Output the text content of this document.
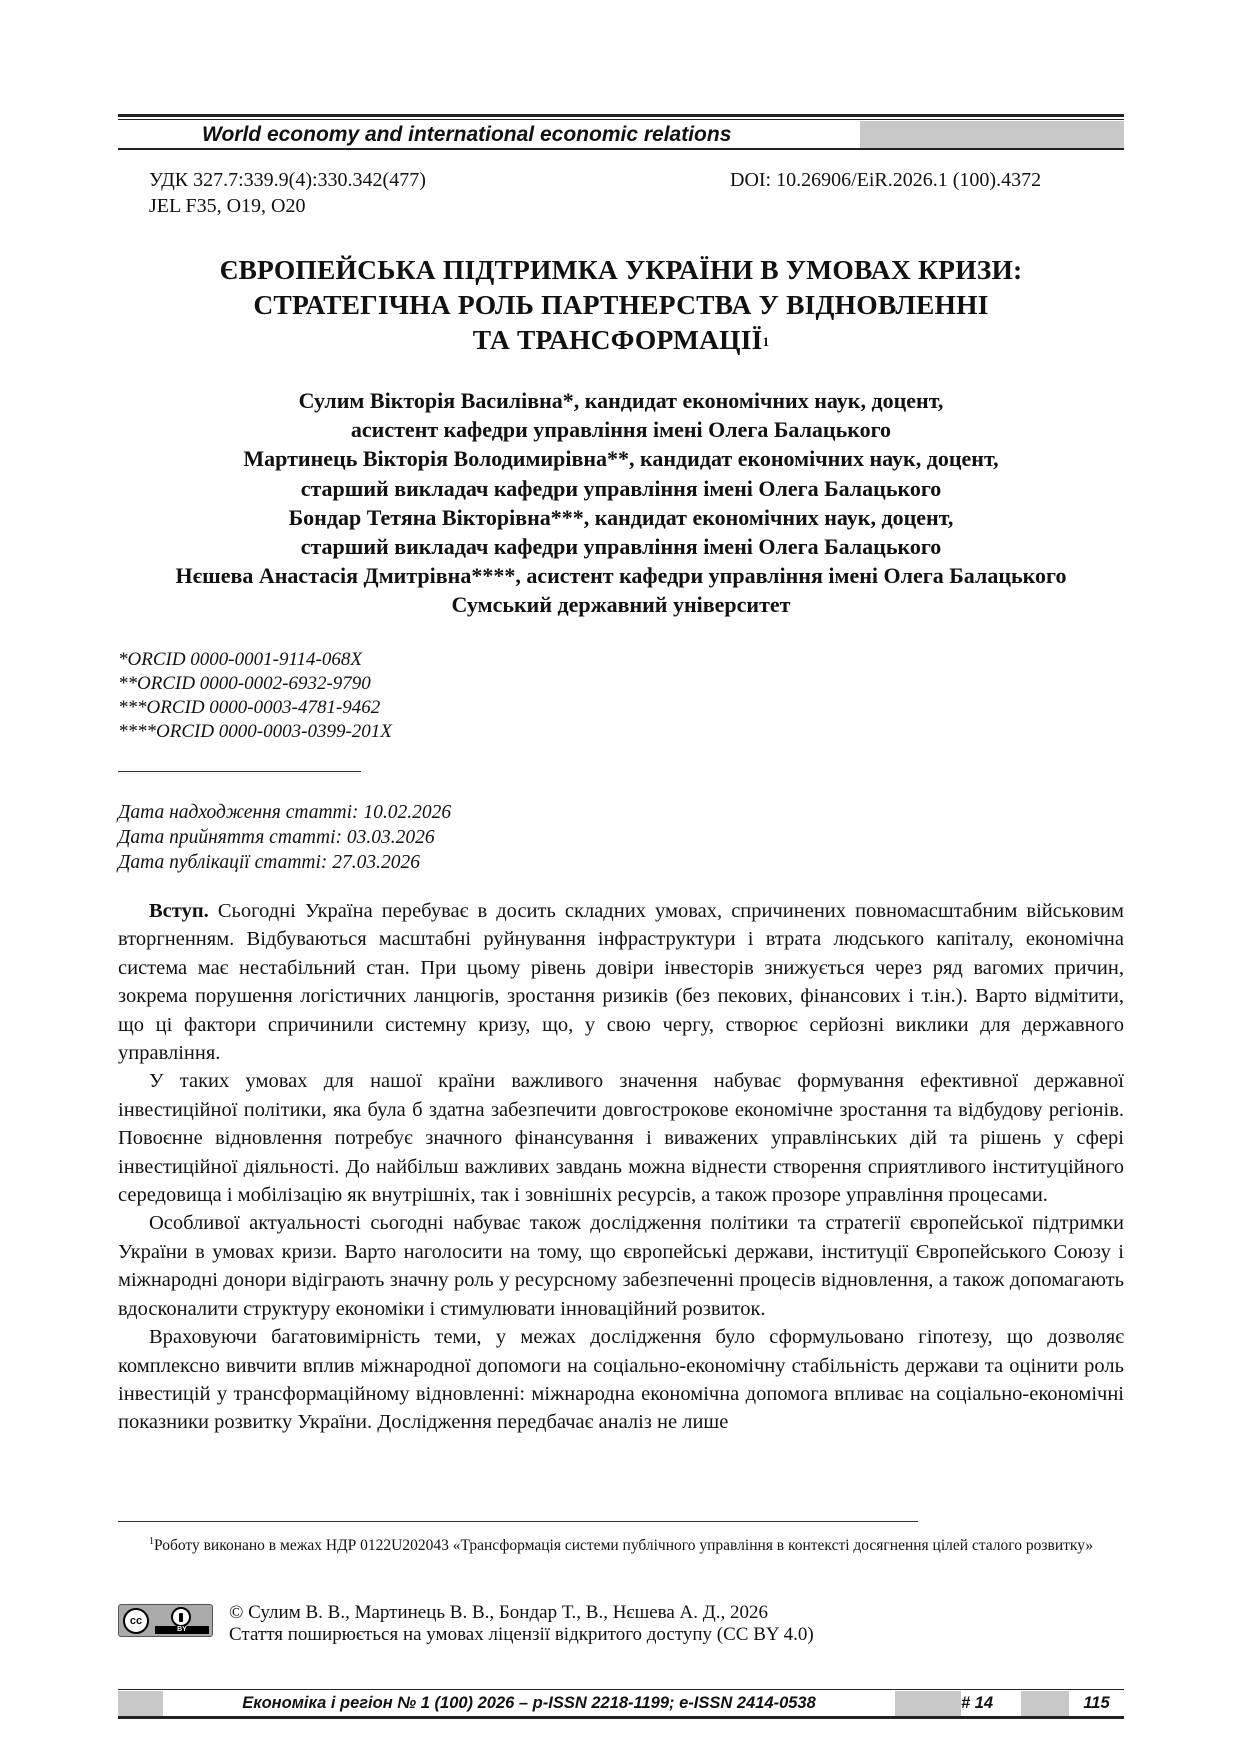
World economy and international economic relations
УДК 327.7:339.9(4):330.342(477)
JEL F35, O19, O20
DOI: 10.26906/EiR.2026.1 (100).4372
ЄВРОПЕЙСЬКА ПІДТРИМКА УКРАЇНИ В УМОВАХ КРИЗИ:
СТРАТЕГІЧНА РОЛЬ ПАРТНЕРСТВА У ВІДНОВЛЕННІ
ТА ТРАНСФОРМАЦІЇ$^1$
Сулим Вікторія Василівна*, кандидат економічних наук, доцент,
асистент кафедри управління імені Олега Балацького
Мартинець Вікторія Володимирівна**, кандидат економічних наук, доцент,
старший викладач кафедри управління імені Олега Балацького
Бондар Тетяна Вікторівна***, кандидат економічних наук, доцент,
старший викладач кафедри управління імені Олега Балацького
Нєшева Анастасія Дмитрівна****, асистент кафедри управління імені Олега Балацького
Сумський державний університет
*ORCID 0000-0001-9114-068X
**ORCID 0000-0002-6932-9790
***ORCID 0000-0003-4781-9462
****ORCID 0000-0003-0399-201X
Дата надходження статті: 10.02.2026
Дата прийняття статті: 03.03.2026
Дата публікації статті: 27.03.2026

Вступ. Сьогодні Україна перебуває в досить складних умовах, спричинених повномасштабним військовим вторгненням. Відбуваються масштабні руйнування інфраструктури і втрата людського капіталу, економічна система має нестабільний стан. При цьому рівень довіри інвесторів знижується через ряд вагомих причин, зокрема порушення логістичних ланцюгів, зростання ризиків (без пекових, фінансових і т.ін.). Варто відмітити, що ці фактори спричинили системну кризу, що, у свою чергу, створює серйозні виклики для державного управління.

У таких умовах для нашої країни важливого значення набуває формування ефективної державної інвестиційної політики, яка була б здатна забезпечити довгострокове економічне зростання та відбудову регіонів. Повоєнне відновлення потребує значного фінансування і виважених управлінських дій та рішень у сфері інвестиційної діяльності. До найбільш важливих завдань можна віднести створення сприятливого інституційного середовища і мобілізацію як внутрішніх, так і зовнішніх ресурсів, а також прозоре управління процесами.

Особливої актуальності сьогодні набуває також дослідження політики та стратегії європейської підтримки України в умовах кризи. Варто наголосити на тому, що європейські держави, інституції Європейського Союзу і міжнародні донори відіграють значну роль у ресурсному забезпеченні процесів відновлення, а також допомагають вдосконалити структуру економіки і стимулювати інноваційний розвиток.

Враховуючи багатовимірність теми, у межах дослідження було сформульовано гіпотезу, що дозволяє комплексно вивчити вплив міжнародної допомоги на соціально-економічну стабільність держави та оцінити роль інвестицій у трансформаційному відновленні: міжнародна економічна допомога впливає на соціально-економічні показники розвитку України. Дослідження передбачає аналіз не лише

$^1$Роботу виконано в межах НДР 0122U202043 «Трансформація системи публічного управління в контексті досягнення цілей сталого розвитку»
cc
BY
© Сулим В. В., Мартинець В. В., Бондар Т., В., Нєшева А. Д., 2026
Стаття поширюється на умовах ліцензії відкритого доступу (CC BY 4.0)
Економіка і регіон № 1 (100) 2026 – p-ISSN 2218-1199; e-ISSN 2414-0538	# 14	115
